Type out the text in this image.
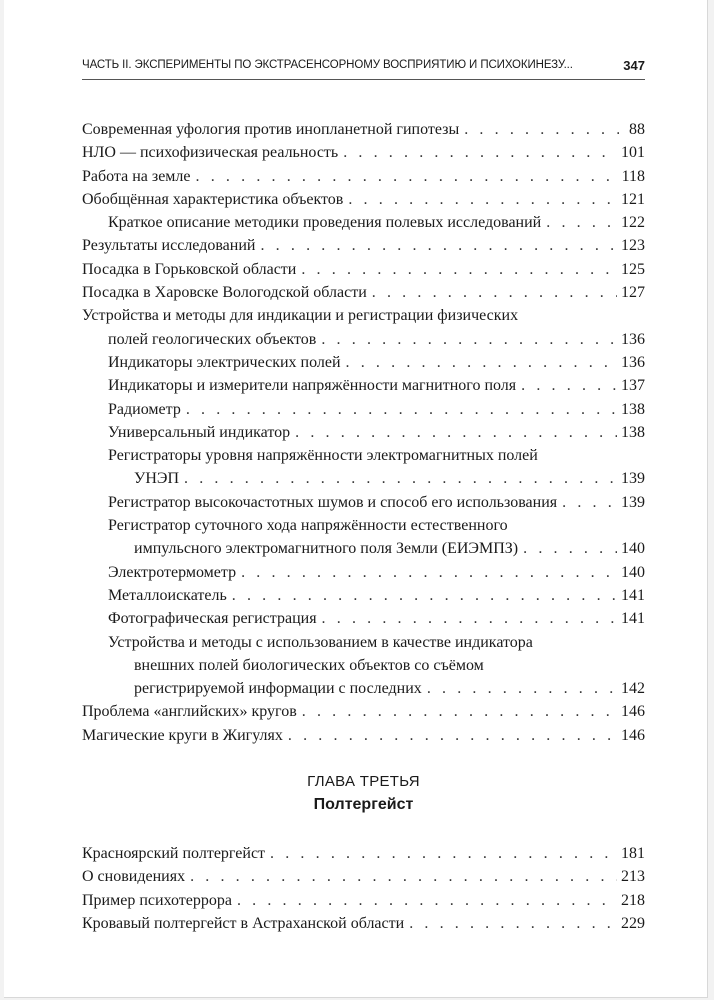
ЧАСТЬ II. ЭКСПЕРИМЕНТЫ ПО ЭКСТРАСЕНСОРНОМУ ВОСПРИЯТИЮ И ПСИХОКИНЕЗУ...	347
Современная уфология против инопланетной гипотезы . . .	88
НЛО — психофизическая реальность . . .	101
Работа на земле . . .	118
Обобщённая характеристика объектов . . .	121
Краткое описание методики проведения полевых исследований . . .	122
Результаты исследований . . .	123
Посадка в Горьковской области . . .	125
Посадка в Харовске Вологодской области . . .	127
Устройства и методы для индикации и регистрации физических
полей геологических объектов . . .	136
Индикаторы электрических полей . . .	136
Индикаторы и измерители напряжённости магнитного поля . . .	137
Радиометр . . .	138
Универсальный индикатор . . .	138
Регистраторы уровня напряжённости электромагнитных полей
УНЭП . . .	139
Регистратор высокочастотных шумов и способ его использования . . .	139
Регистратор суточного хода напряжённости естественного
импульсного электромагнитного поля Земли (ЕИЭМПЗ) . . .	140
Электротермометр . . .	140
Металлоискатель . . .	141
Фотографическая регистрация . . .	141
Устройства и методы с использованием в качестве индикатора
внешних полей биологических объектов со съёмом
регистрируемой информации с последних . . .	142
Проблема «английских» кругов . . .	146
Магические круги в Жигулях . . .	146
ГЛАВА ТРЕТЬЯ
Полтергейст
Красноярский полтергейст . . .	181
О сновидениях . . .	213
Пример психотеррора . . .	218
Кровавый полтергейст в Астраханской области . . .	229
